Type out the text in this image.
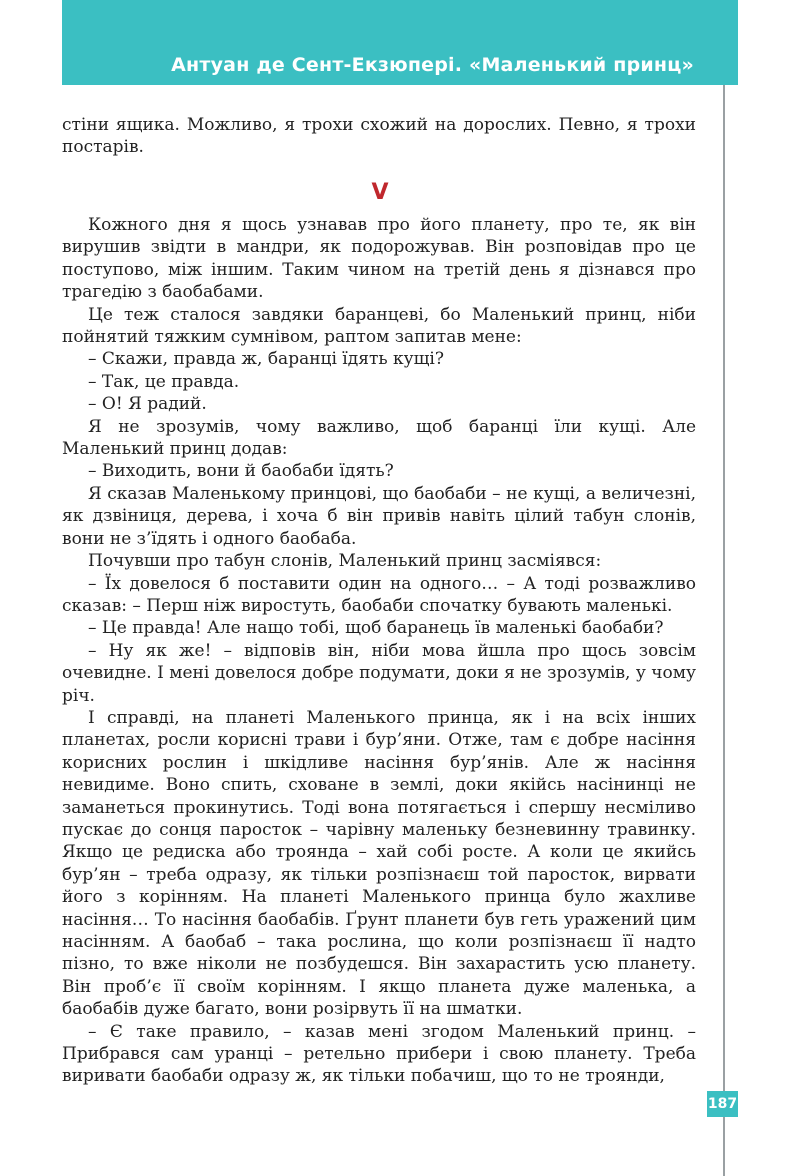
Антуан де Сент-Екзюпері. «Маленький принц»

стіни ящика. Можливо, я трохи схожий на дорослих. Певно, я трохи постарів.

V

Кожного дня я щось узнавав про його планету, про те, як він вирушив звідти в мандри, як подорожував. Він розповідав про це поступово, між іншим. Таким чином на третій день я дізнався про трагедію з баобабами.

Це теж сталося завдяки баранцеві, бо Маленький принц, ніби пойнятий тяжким сумнівом, раптом запитав мене:

– Скажи, правда ж, баранці їдять кущі?

– Так, це правда.

– О! Я радий.

Я не зрозумів, чому важливо, щоб баранці їли кущі. Але Маленький принц додав:

– Виходить, вони й баобаби їдять?

Я сказав Маленькому принцові, що баобаби – не кущі, а величезні, як дзвіниця, дерева, і хоча б він привів навіть цілий табун слонів, вони не з’їдять і одного баобаба.

Почувши про табун слонів, Маленький принц засміявся:

– Їх довелося б поставити один на одного… – А тоді розважливо сказав: – Перш ніж виростуть, баобаби спочатку бувають маленькі.

– Це правда! Але нащо тобі, щоб баранець їв маленькі баобаби?

– Ну як же! – відповів він, ніби мова йшла про щось зовсім очевидне. І мені довелося добре подумати, доки я не зрозумів, у чому річ.

І справді, на планеті Маленького принца, як і на всіх інших планетах, росли корисні трави і бур’яни. Отже, там є добре насіння корисних рослин і шкідливе насіння бур’янів. Але ж насіння невидиме. Воно спить, сховане в землі, доки якійсь насінинці не заманеться прокинутись. Тоді вона потягається і спершу несміливо пускає до сонця паросток – чарівну маленьку безневинну травинку. Якщо це редиска або троянда – хай собі росте. А коли це якийсь бур’ян – треба одразу, як тільки розпізнаєш той паросток, вирвати його з корінням. На планеті Маленького принца було жахливе насіння… То насіння баобабів. Ґрунт планети був геть уражений цим насінням. А баобаб – така рослина, що коли розпізнаєш її надто пізно, то вже ніколи не позбудешся. Він захарастить усю планету. Він проб’є її своїм корінням. І якщо планета дуже маленька, а баобабів дуже багато, вони розірвуть її на шматки.

– Є таке правило, – казав мені згодом Маленький принц. – Прибрався сам уранці – ретельно прибери і свою планету. Треба виривати баобаби одразу ж, як тільки побачиш, що то не троянди,

187
